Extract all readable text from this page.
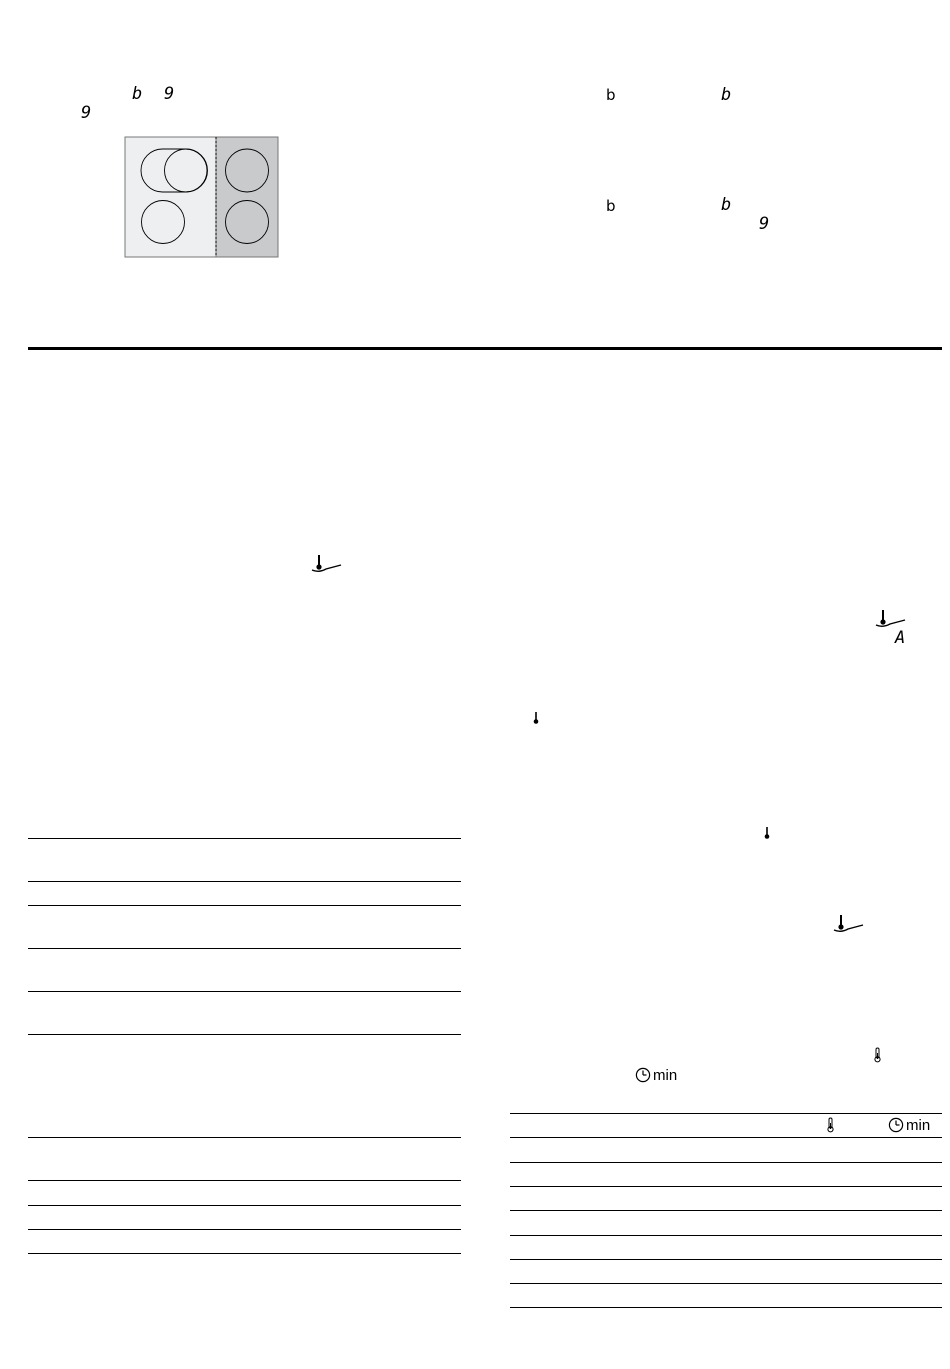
b 9
9
b	b
b	b
9
A
min
min
